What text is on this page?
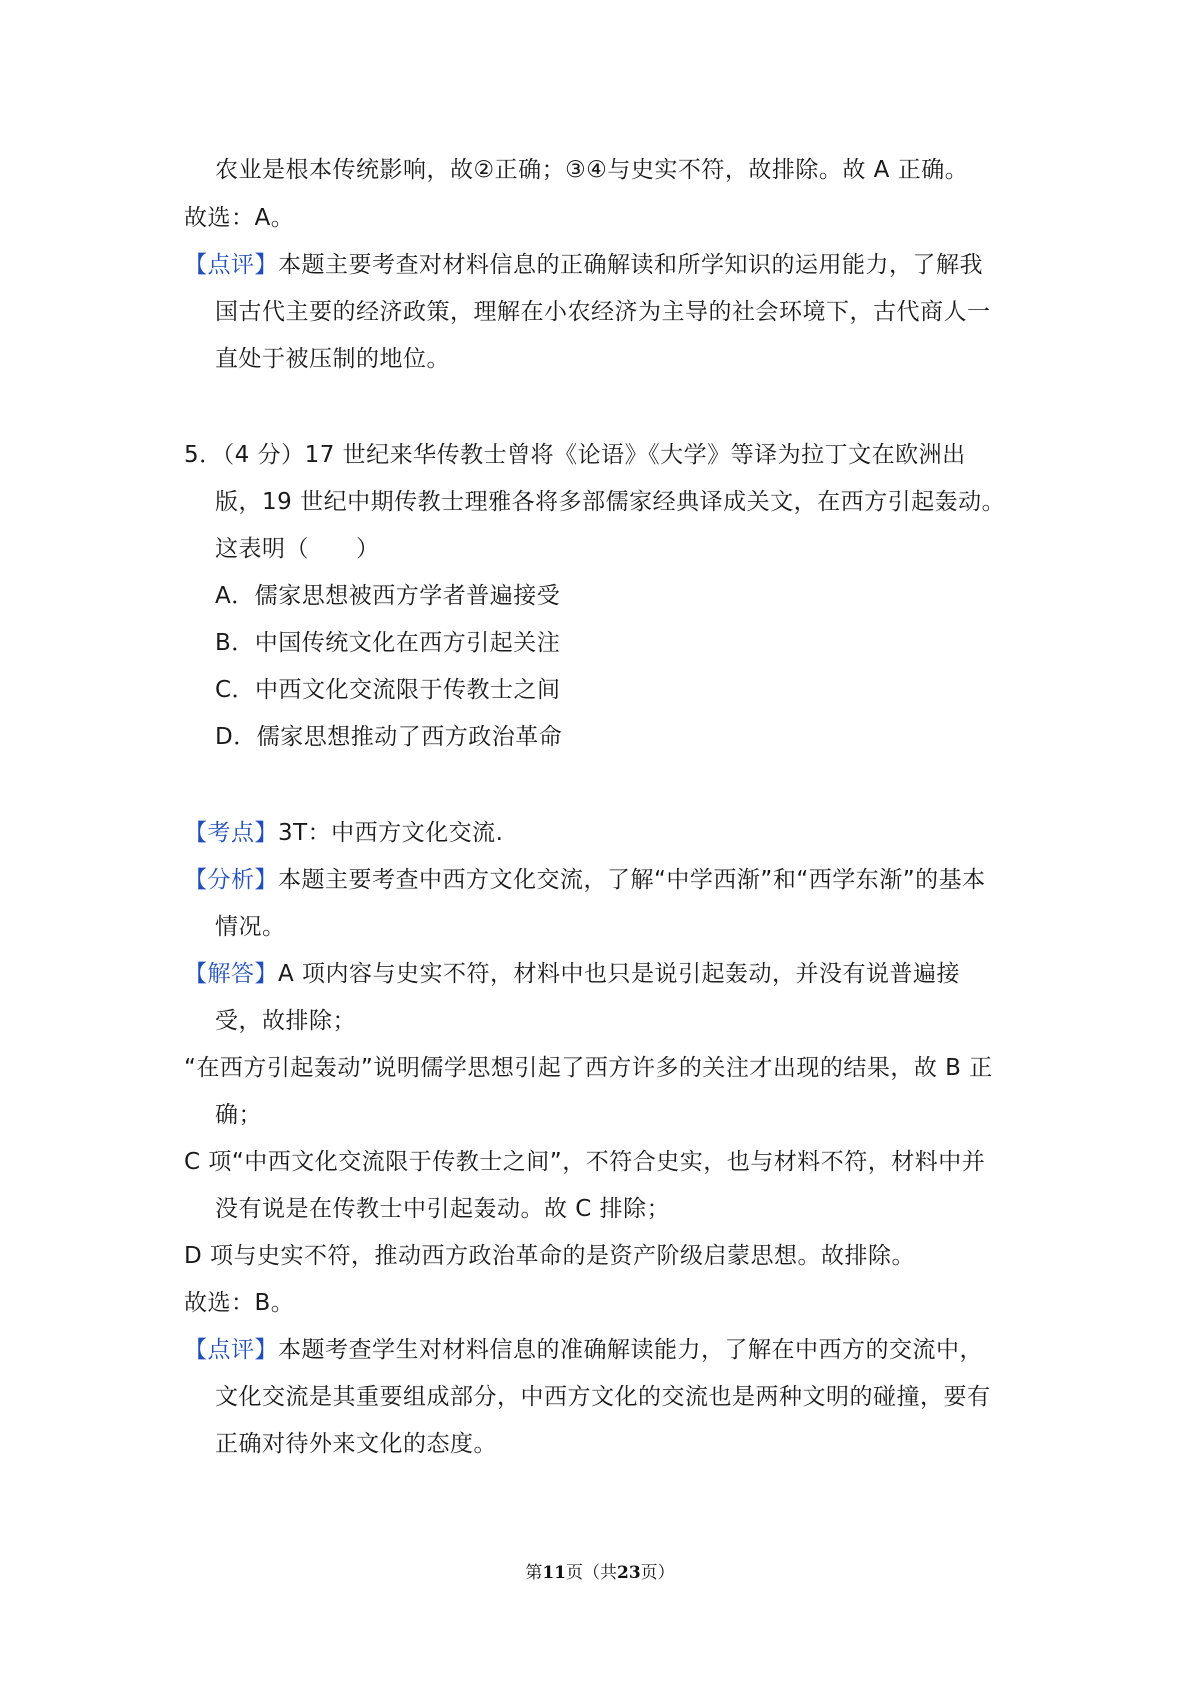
农业是根本传统影响，故②正确；③④与史实不符，故排除。故 A 正确。
故选：A。
【点评】本题主要考查对材料信息的正确解读和所学知识的运用能力，了解我
国古代主要的经济政策，理解在小农经济为主导的社会环境下，古代商人一
直处于被压制的地位。
5．（4 分）17 世纪来华传教士曾将《论语》《大学》等译为拉丁文在欧洲出
版，19 世纪中期传教士理雅各将多部儒家经典译成关文，在西方引起轰动。
这表明（　　）
A．儒家思想被西方学者普遍接受
B．中国传统文化在西方引起关注
C．中西文化交流限于传教士之间
D．儒家思想推动了西方政治革命
【考点】3T：中西方文化交流.
【分析】本题主要考查中西方文化交流，了解“中学西渐”和“西学东渐”的基本
情况。
【解答】A 项内容与史实不符，材料中也只是说引起轰动，并没有说普遍接
受，故排除；
“在西方引起轰动”说明儒学思想引起了西方许多的关注才出现的结果，故 B 正
确；
C 项“中西文化交流限于传教士之间”，不符合史实，也与材料不符，材料中并
没有说是在传教士中引起轰动。故 C 排除；
D 项与史实不符，推动西方政治革命的是资产阶级启蒙思想。故排除。
故选：B。
【点评】本题考查学生对材料信息的准确解读能力，了解在中西方的交流中，
文化交流是其重要组成部分，中西方文化的交流也是两种文明的碰撞，要有
正确对待外来文化的态度。
第11页（共23页）
